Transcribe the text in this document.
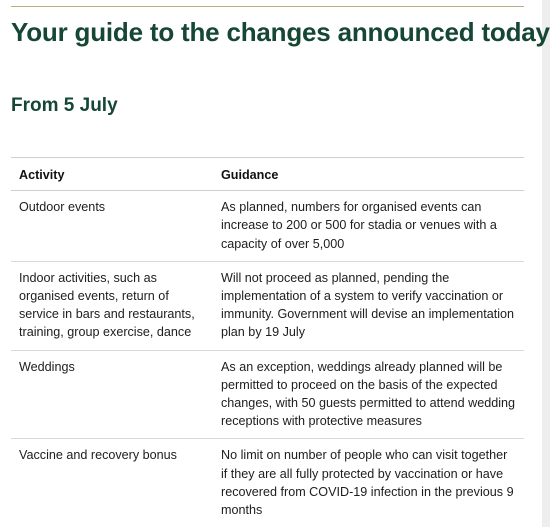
Your guide to the changes announced today
From 5 July
Activity	Guidance
Outdoor events	As planned, numbers for organised events can increase to 200 or 500 for stadia or venues with a capacity of over 5,000
Indoor activities, such as organised events, return of service in bars and restaurants, training, group exercise, dance	Will not proceed as planned, pending the implementation of a system to verify vaccination or immunity. Government will devise an implementation plan by 19 July
Weddings	As an exception, weddings already planned will be permitted to proceed on the basis of the expected changes, with 50 guests permitted to attend wedding receptions with protective measures
Vaccine and recovery bonus	No limit on number of people who can visit together if they are all fully protected by vaccination or have recovered from COVID-19 infection in the previous 9 months
